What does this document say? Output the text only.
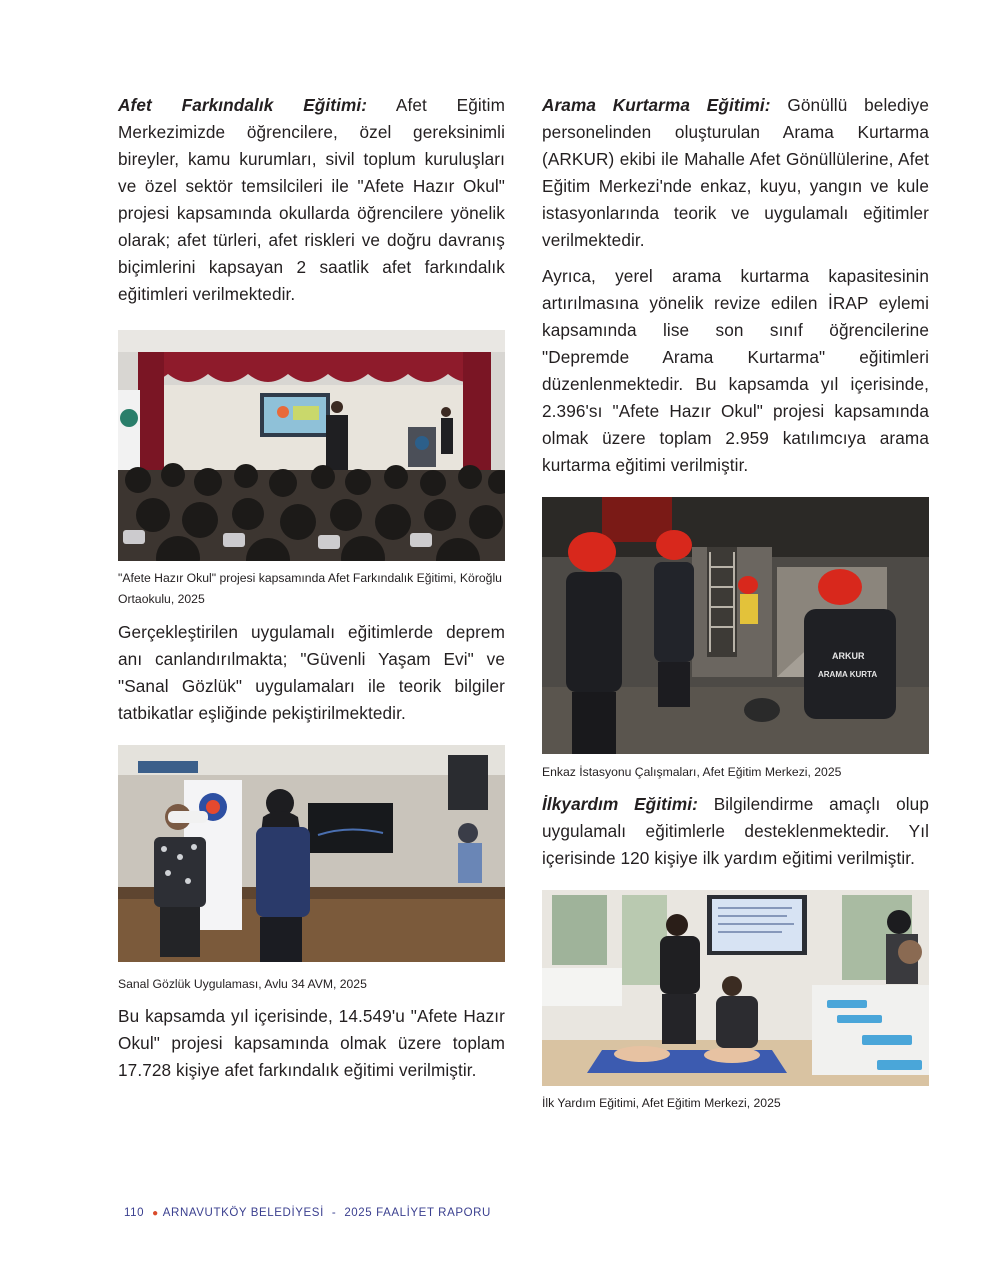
Afet Farkındalık Eğitimi: Afet Eğitim Merkezimizde öğrencilere, özel gereksinimli bireyler, kamu kurumları, sivil toplum kuruluşları ve özel sektör temsilcileri ile "Afete Hazır Okul" projesi kapsamında okullarda öğrencilere yönelik olarak; afet türleri, afet riskleri ve doğru davranış biçimlerini kapsayan 2 saatlik afet farkındalık eğitimleri verilmektedir.

"Afete Hazır Okul" projesi kapsamında Afet Farkındalık Eğitimi, Köroğlu Ortaokulu, 2025

Gerçekleştirilen uygulamalı eğitimlerde deprem anı canlandırılmakta; "Güvenli Yaşam Evi" ve "Sanal Gözlük" uygulamaları ile teorik bilgiler tatbikatlar eşliğinde pekiştirilmektedir.

Sanal Gözlük Uygulaması, Avlu 34 AVM, 2025

Bu kapsamda yıl içerisinde, 14.549'u "Afete Hazır Okul" projesi kapsamında olmak üzere toplam 17.728 kişiye afet farkındalık eğitimi verilmiştir.

Arama Kurtarma Eğitimi: Gönüllü belediye personelinden oluşturulan Arama Kurtarma (ARKUR) ekibi ile Mahalle Afet Gönüllülerine, Afet Eğitim Merkezi'nde enkaz, kuyu, yangın ve kule istasyonlarında teorik ve uygulamalı eğitimler verilmektedir.

Ayrıca, yerel arama kurtarma kapasitesinin artırılmasına yönelik revize edilen İRAP eylemi kapsamında lise son sınıf öğrencilerine "Depremde Arama Kurtarma" eğitimleri düzenlenmektedir. Bu kapsamda yıl içerisinde, 2.396'sı "Afete Hazır Okul" projesi kapsamında olmak üzere toplam 2.959 katılımcıya arama kurtarma eğitimi verilmiştir.

ARKUR
ARAMA KURTA

Enkaz İstasyonu Çalışmaları, Afet Eğitim Merkezi, 2025

İlkyardım Eğitimi: Bilgilendirme amaçlı olup uygulamalı eğitimlerle desteklenmektedir. Yıl içerisinde 120 kişiye ilk yardım eğitimi verilmiştir.

İlk Yardım Eğitimi, Afet Eğitim Merkezi, 2025

110 ● ARNAVUTKÖY BELEDİYESİ - 2025 FAALİYET RAPORU
